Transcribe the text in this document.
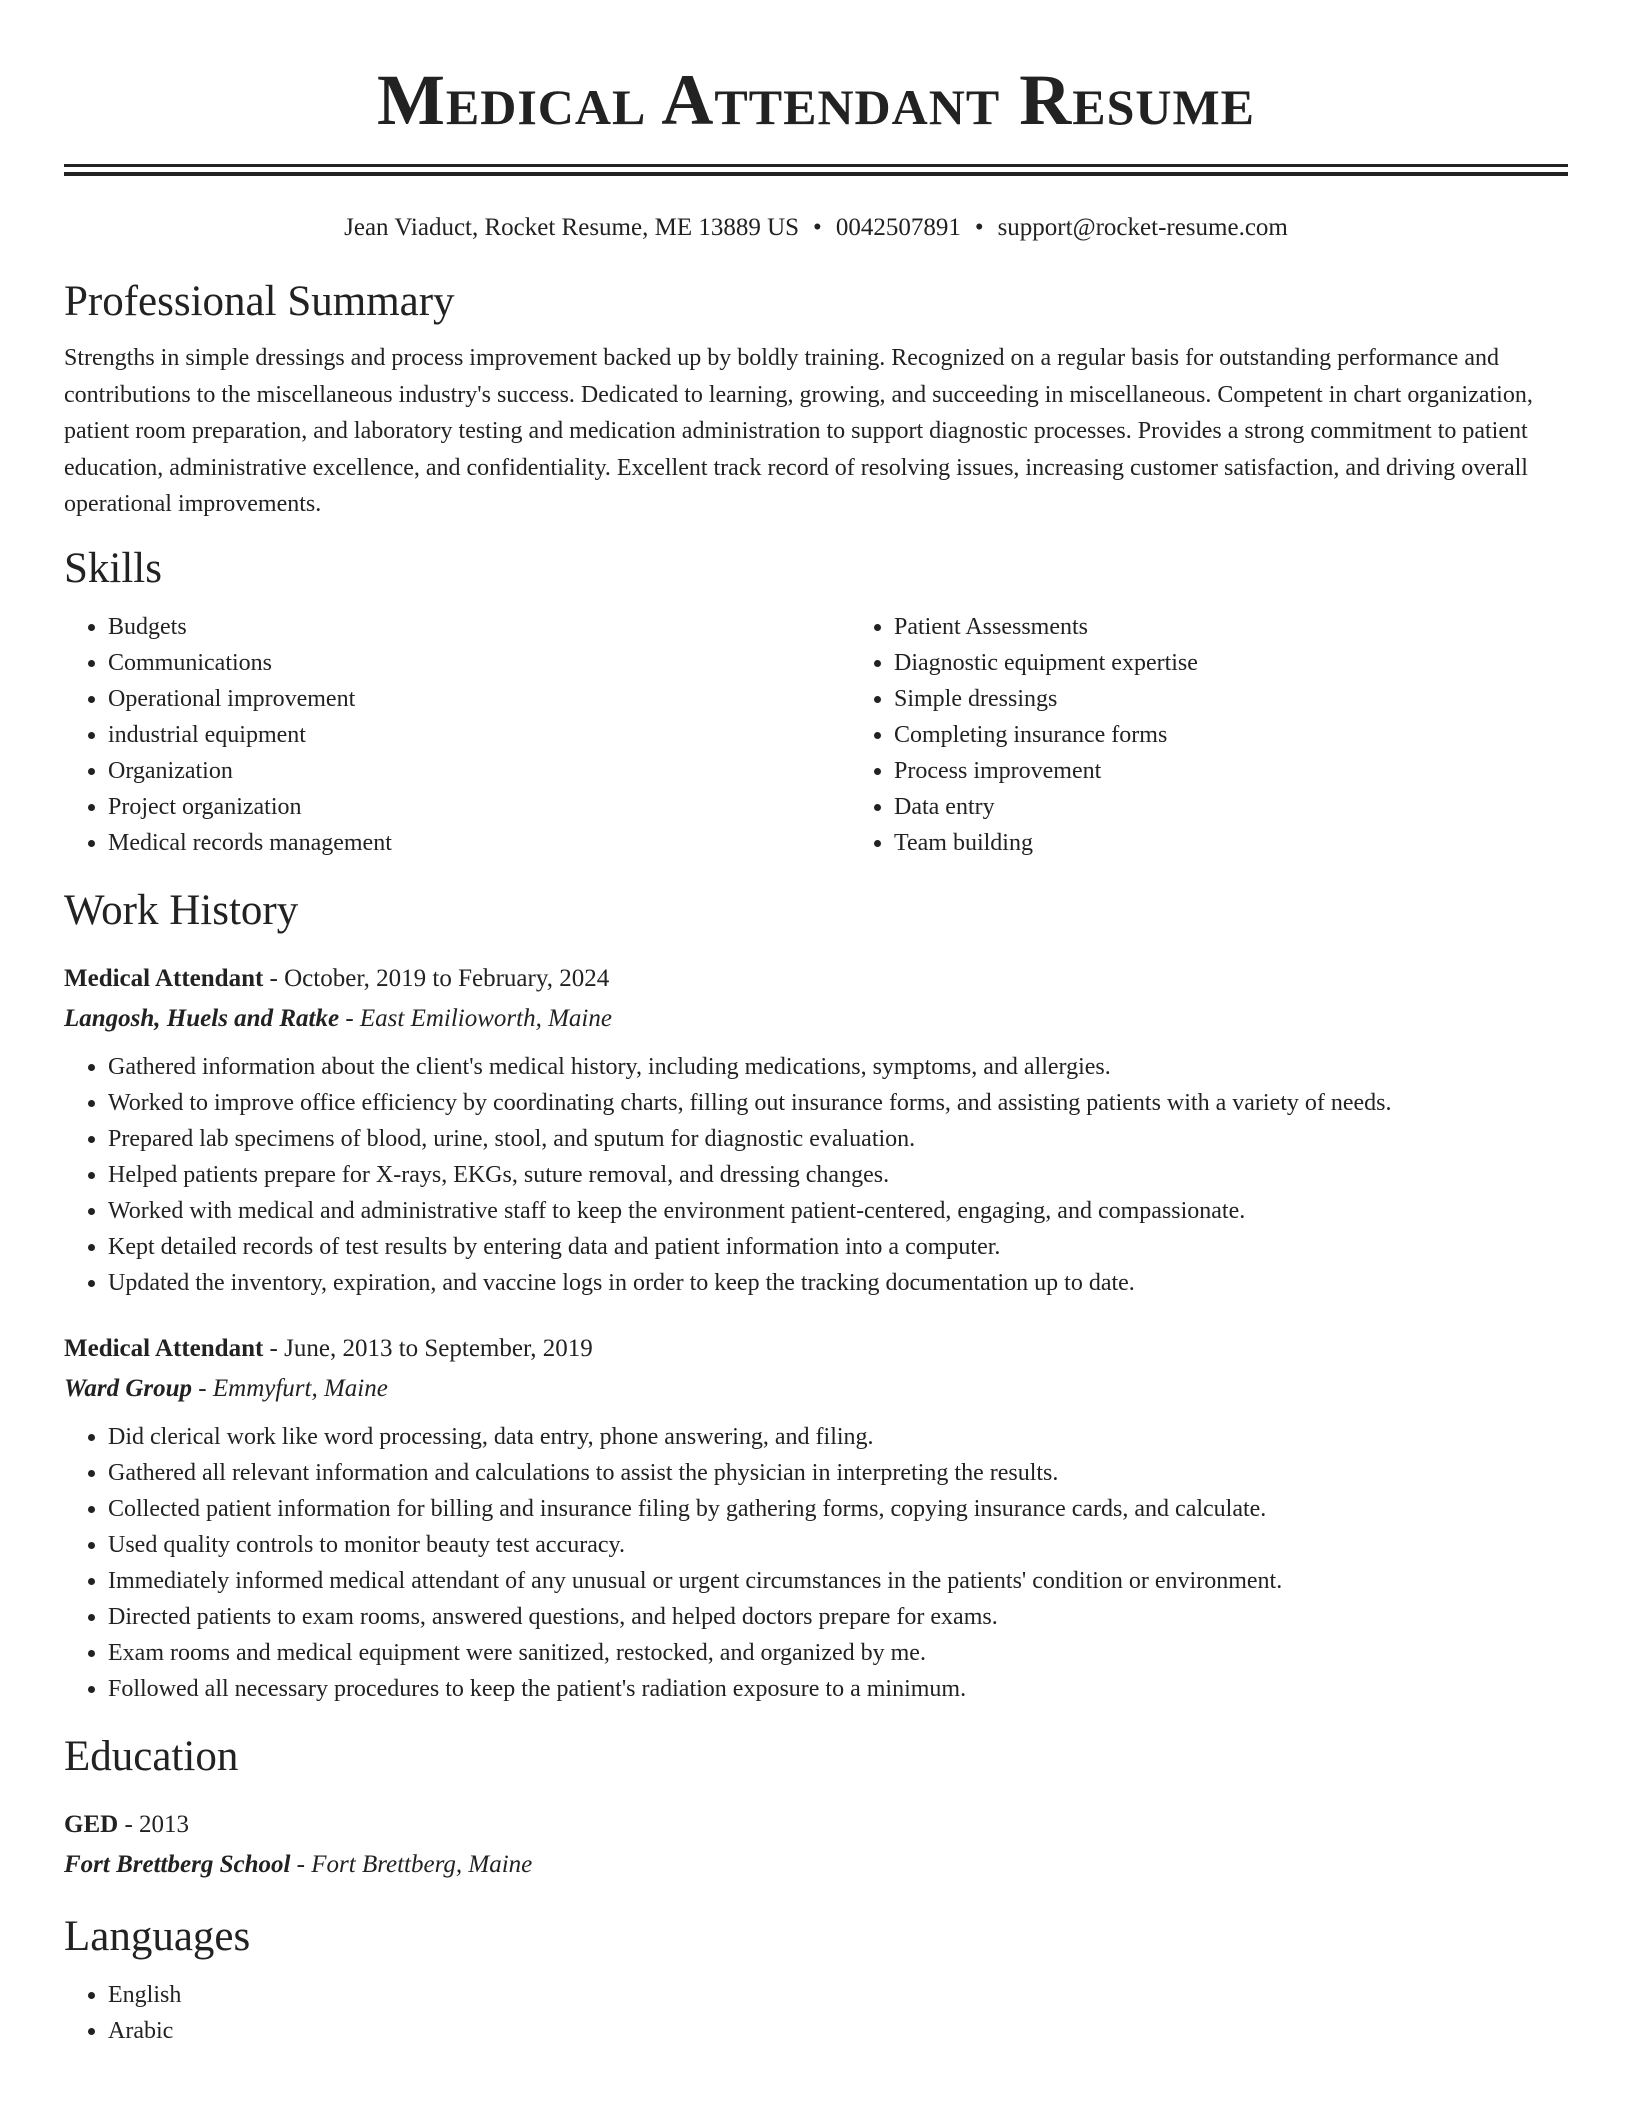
Medical Attendant Resume
Jean Viaduct, Rocket Resume, ME 13889 US • 0042507891 • support@rocket-resume.com
Professional Summary

Strengths in simple dressings and process improvement backed up by boldly training. Recognized on a regular basis for outstanding performance and contributions to the miscellaneous industry's success. Dedicated to learning, growing, and succeeding in miscellaneous. Competent in chart organization, patient room preparation, and laboratory testing and medication administration to support diagnostic processes. Provides a strong commitment to patient education, administrative excellence, and confidentiality. Excellent track record of resolving issues, increasing customer satisfaction, and driving overall operational improvements.

Skills
• Budgets
• Communications
• Operational improvement
• industrial equipment
• Organization
• Project organization
• Medical records management
• Patient Assessments
• Diagnostic equipment expertise
• Simple dressings
• Completing insurance forms
• Process improvement
• Data entry
• Team building
Work History
Medical Attendant - October, 2019 to February, 2024
Langosh, Huels and Ratke - East Emilioworth, Maine
• Gathered information about the client's medical history, including medications, symptoms, and allergies.
• Worked to improve office efficiency by coordinating charts, filling out insurance forms, and assisting patients with a variety of needs.
• Prepared lab specimens of blood, urine, stool, and sputum for diagnostic evaluation.
• Helped patients prepare for X-rays, EKGs, suture removal, and dressing changes.
• Worked with medical and administrative staff to keep the environment patient-centered, engaging, and compassionate.
• Kept detailed records of test results by entering data and patient information into a computer.
• Updated the inventory, expiration, and vaccine logs in order to keep the tracking documentation up to date.
Medical Attendant - June, 2013 to September, 2019
Ward Group - Emmyfurt, Maine
• Did clerical work like word processing, data entry, phone answering, and filing.
• Gathered all relevant information and calculations to assist the physician in interpreting the results.
• Collected patient information for billing and insurance filing by gathering forms, copying insurance cards, and calculate.
• Used quality controls to monitor beauty test accuracy.
• Immediately informed medical attendant of any unusual or urgent circumstances in the patients' condition or environment.
• Directed patients to exam rooms, answered questions, and helped doctors prepare for exams.
• Exam rooms and medical equipment were sanitized, restocked, and organized by me.
• Followed all necessary procedures to keep the patient's radiation exposure to a minimum.
Education
GED - 2013
Fort Brettberg School - Fort Brettberg, Maine
Languages
• English
• Arabic
